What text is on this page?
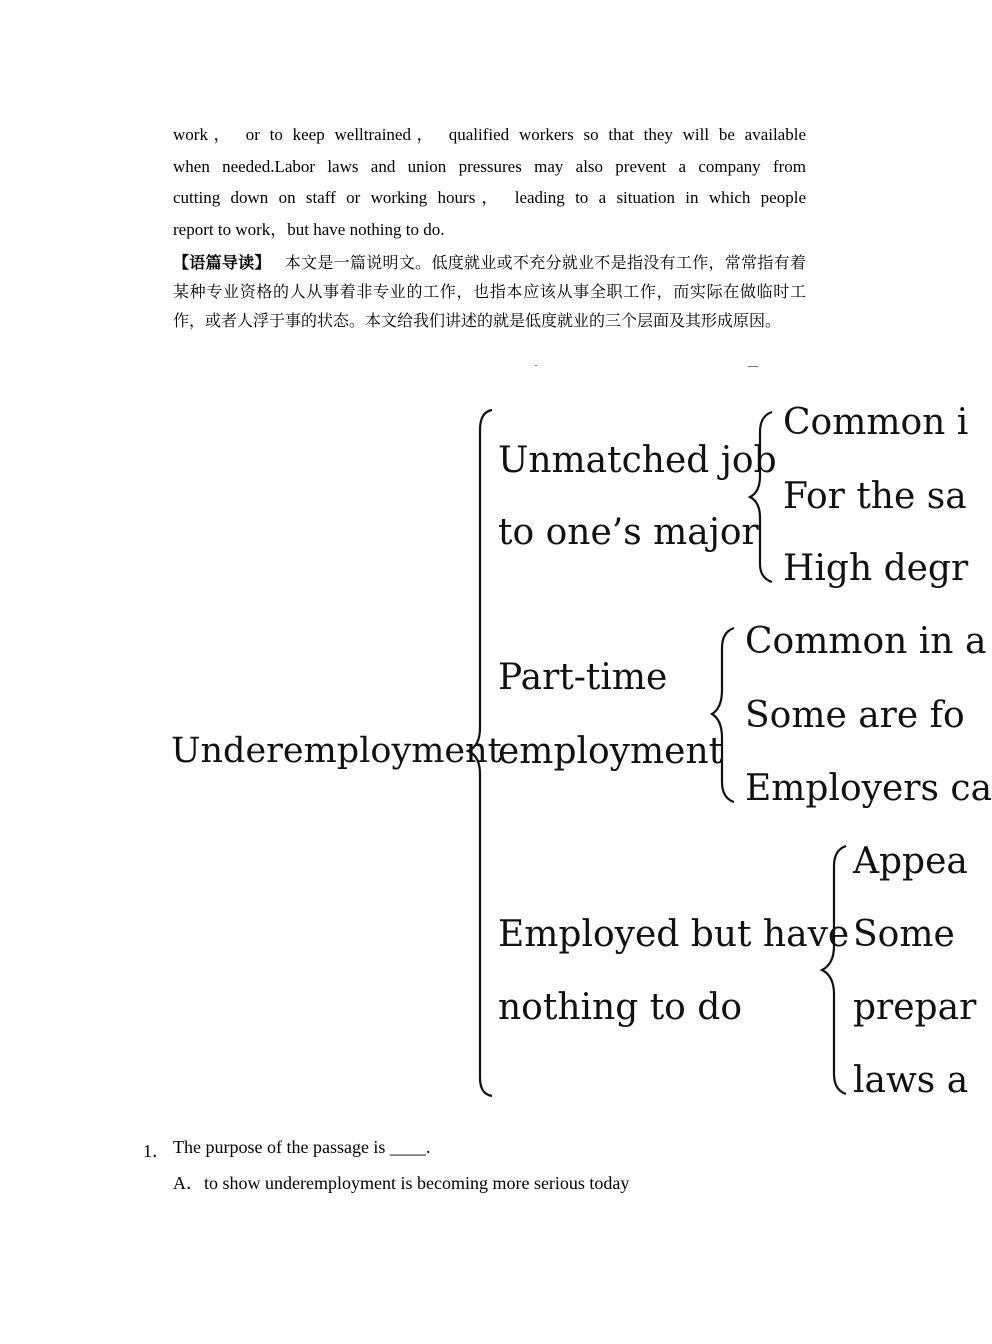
work， or to keep welltrained， qualified workers so that they will be available
when needed.Labor laws and union pressures may also prevent a company from
cutting down on staff or working hours， leading to a situation in which people
report to work，but have nothing to do.
【语篇导读】 本文是一篇说明文。低度就业或不充分就业不是指没有工作，常常指有着某种专业资格的人从事着非专业的工作，也指本应该从事全职工作，而实际在做临时工作，或者人浮于事的状态。本文给我们讲述的就是低度就业的三个层面及其形成原因。
Underemployment
Unmatched job
to one’s major
Common i
For the sa
High degr
Part-time
employment
Common in a
Some are fo
Employers ca
Employed but have
nothing to do
Appea
Some
prepar
laws a
1． The purpose of the passage is ____.
A．to show underemployment is becoming more serious today
